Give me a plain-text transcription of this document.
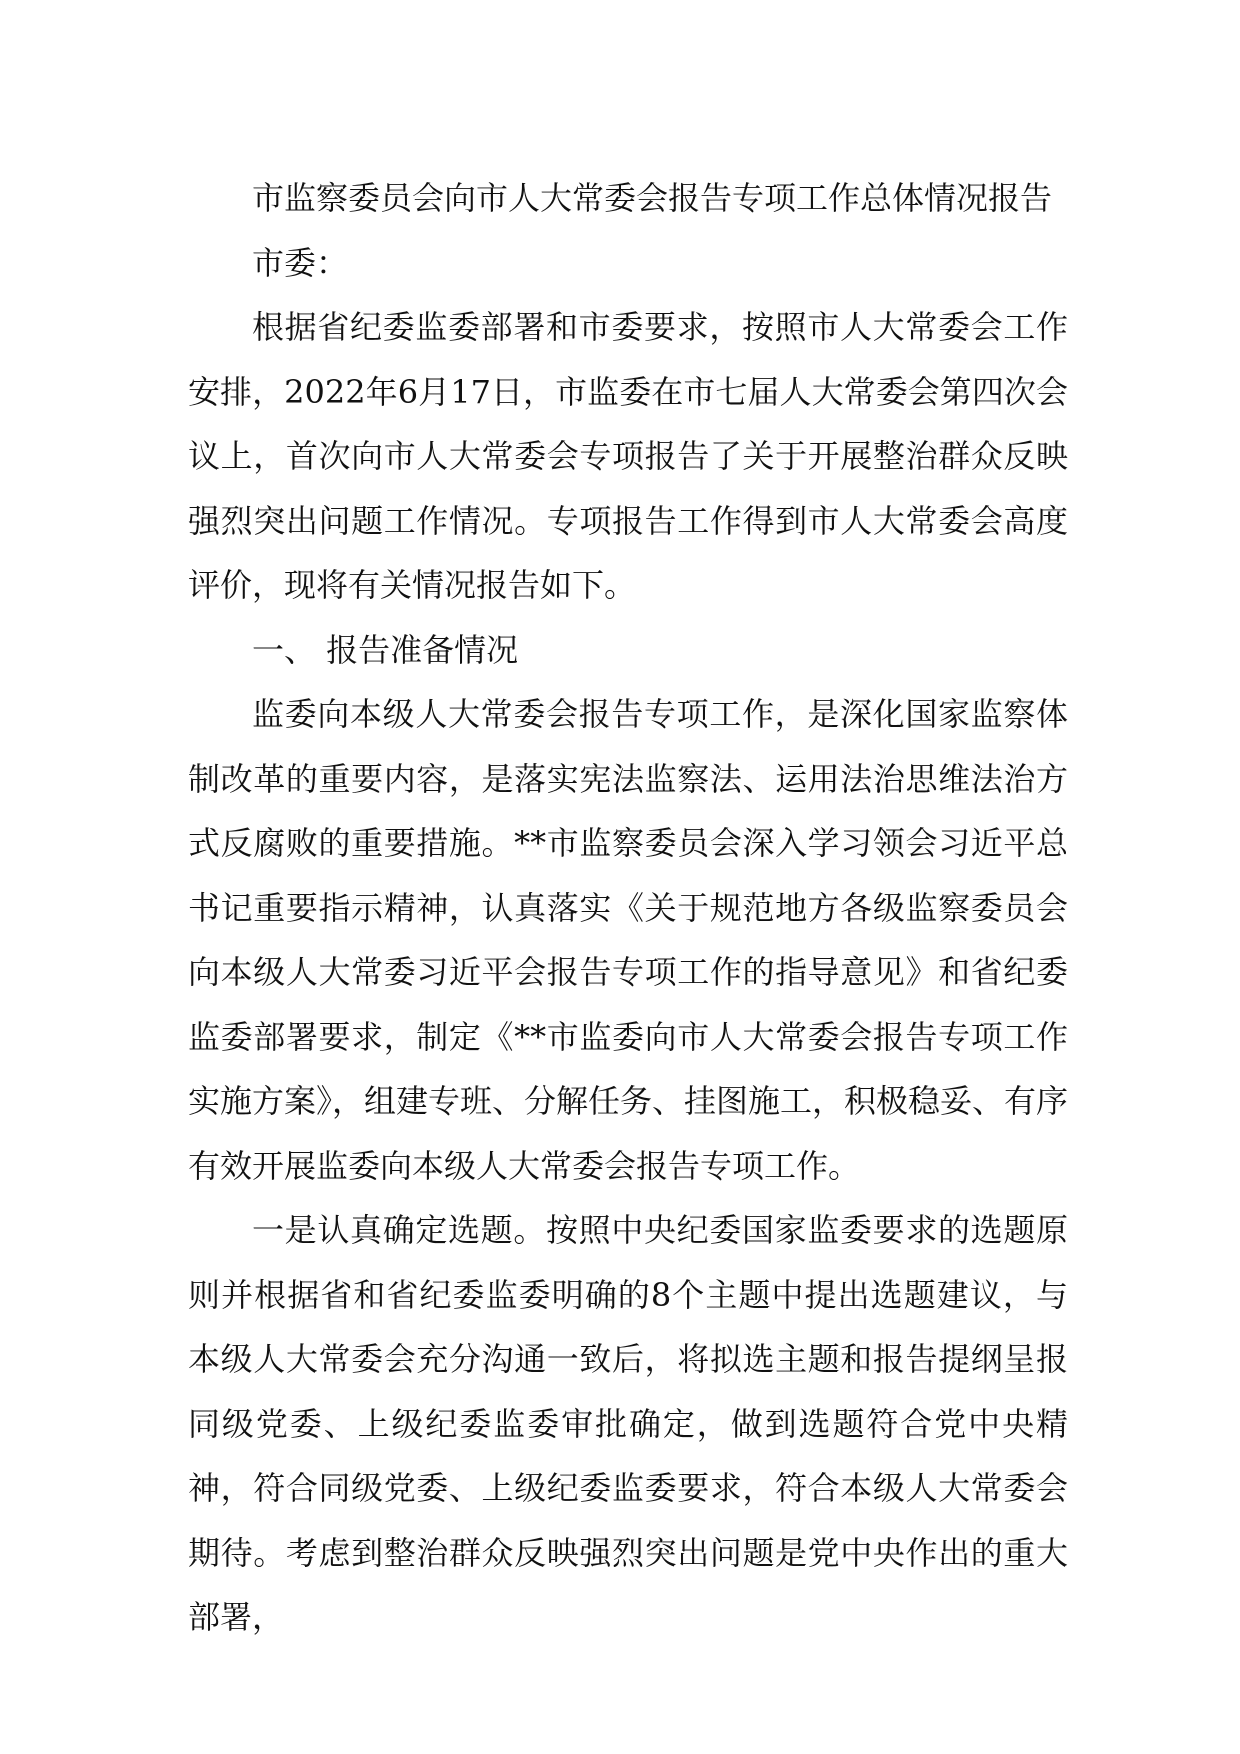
市监察委员会向市人大常委会报告专项工作总体情况报告

市委：

根据省纪委监委部署和市委要求，按照市人大常委会工作安排，2022年6月17日，市监委在市七届人大常委会第四次会议上，首次向市人大常委会专项报告了关于开展整治群众反映强烈突出问题工作情况。专项报告工作得到市人大常委会高度评价，现将有关情况报告如下。

一、 报告准备情况

监委向本级人大常委会报告专项工作，是深化国家监察体制改革的重要内容，是落实宪法监察法、运用法治思维法治方式反腐败的重要措施。**市监察委员会深入学习领会习近平总书记重要指示精神，认真落实《关于规范地方各级监察委员会向本级人大常委习近平会报告专项工作的指导意见》和省纪委监委部署要求，制定《**市监委向市人大常委会报告专项工作实施方案》，组建专班、分解任务、挂图施工，积极稳妥、有序有效开展监委向本级人大常委会报告专项工作。

一是认真确定选题。按照中央纪委国家监委要求的选题原则并根据省和省纪委监委明确的8个主题中提出选题建议，与本级人大常委会充分沟通一致后，将拟选主题和报告提纲呈报同级党委、上级纪委监委审批确定，做到选题符合党中央精神，符合同级党委、上级纪委监委要求，符合本级人大常委会期待。考虑到整治群众反映强烈突出问题是党中央作出的重大部署，
